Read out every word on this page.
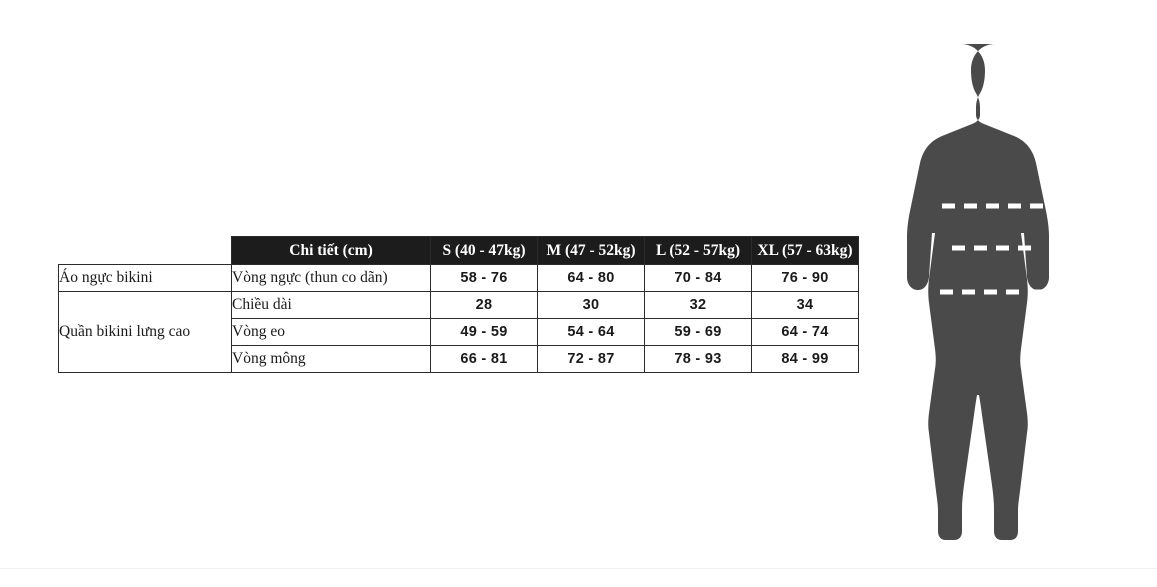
	Chi tiết (cm)	S (40 - 47kg)	M (47 - 52kg)	L (52 - 57kg)	XL (57 - 63kg)
Áo ngực bikini	Vòng ngực (thun co dãn)	58 - 76	64 - 80	70 - 84	76 - 90
Quần bikini lưng cao	Chiều dài	28	30	32	34
	Vòng eo	49 - 59	54 - 64	59 - 69	64 - 74
	Vòng mông	66 - 81	72 - 87	78 - 93	84 - 99
